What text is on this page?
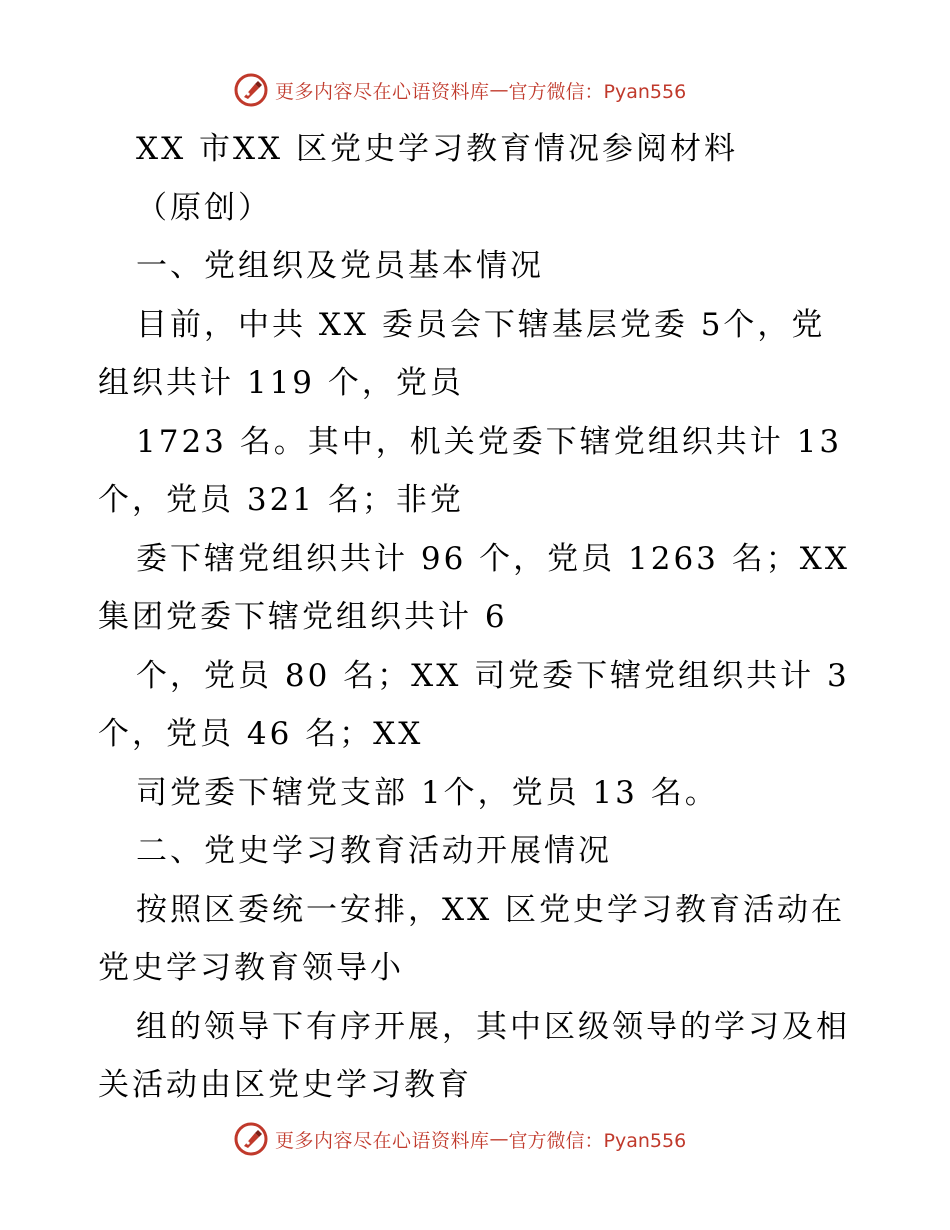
更多内容尽在心语资料库 — 官方微信：Pyan556
XX 市XX 区党史学习教育情况参阅材料
（原创）
一、党组织及党员基本情况
目前，中共 XX 委员会下辖基层党委 5个，党
组织共计 119 个，党员
1723 名。其中，机关党委下辖党组织共计 13
个，党员 321 名；非党
委下辖党组织共计 96 个，党员 1263 名；XX
集团党委下辖党组织共计 6
个，党员 80 名；XX 司党委下辖党组织共计 3
个，党员 46 名；XX
司党委下辖党支部 1个，党员 13 名。
二、党史学习教育活动开展情况
按照区委统一安排，XX 区党史学习教育活动在
党史学习教育领导小
组的领导下有序开展，其中区级领导的学习及相
关活动由区党史学习教育
更多内容尽在心语资料库 — 官方微信：Pyan556
